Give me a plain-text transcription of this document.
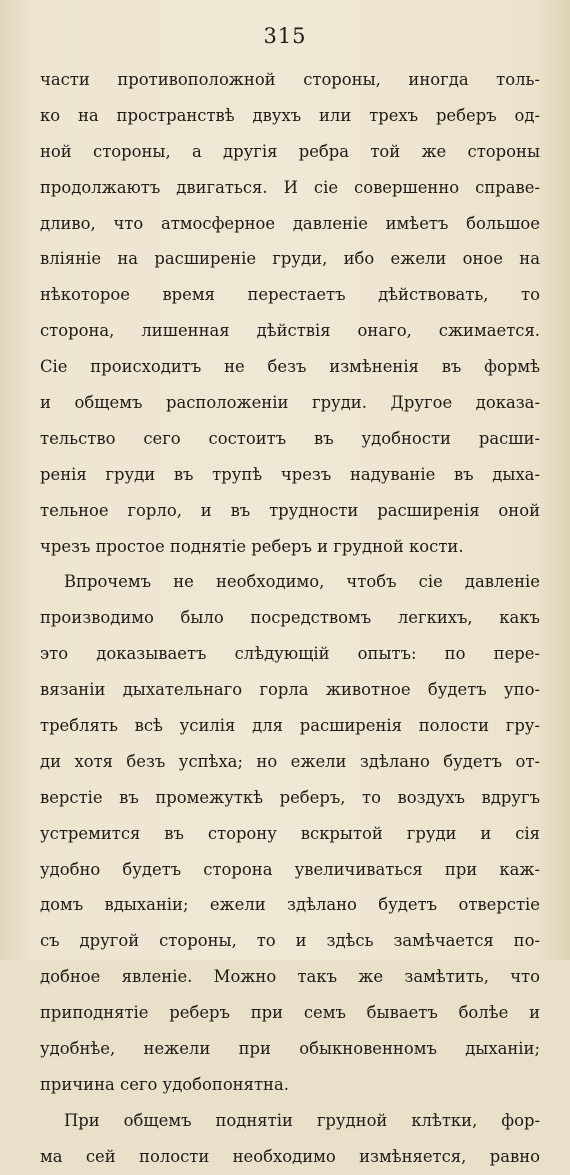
315
части противоположной стороны, иногда толь-
ко на пространствѣ двухъ или трехъ реберъ од-
ной стороны, а другія ребра той же стороны
продолжаютъ двигаться. И сіе совершенно справе-
дливо, что атмосферное давленіе имѣетъ большое
вліяніе на расширеніе груди, ибо ежели оное на
нѣкоторое время перестаетъ дѣйствовать, то
сторона, лишенная дѣйствія онаго, сжимается.
Сіе происходитъ не безъ измѣненія въ формѣ
и общемъ расположеніи груди. Другое доказа-
тельство сего состоитъ въ удобности расши-
ренія груди въ трупѣ чрезъ надуваніе въ дыха-
тельное горло, и въ трудности расширенія оной
чрезъ простое поднятіе реберъ и грудной кости.
Впрочемъ не необходимо, чтобъ сіе давленіе
производимо было посредствомъ легкихъ, какъ
это доказываетъ слѣдующій опытъ: по пере-
вязаніи дыхательнаго горла животное будетъ упо-
треблять всѣ усилія для расширенія полости гру-
ди хотя безъ успѣха; но ежели здѣлано будетъ от-
верстіе въ промежуткѣ реберъ, то воздухъ вдругъ
устремится въ сторону вскрытой груди и сія
удобно будетъ сторона увеличиваться при каж-
домъ вдыханіи; ежели здѣлано будетъ отверстіе
съ другой стороны, то и здѣсь замѣчается по-
добное явленіе. Можно такъ же замѣтить, что
приподнятіе реберъ при семъ бываетъ болѣе и
удобнѣе, нежели при обыкновенномъ дыханіи;
причина сего удобопонятна.
При общемъ поднятіи грудной клѣтки, фор-
ма сей полости необходимо измѣняется, равно
